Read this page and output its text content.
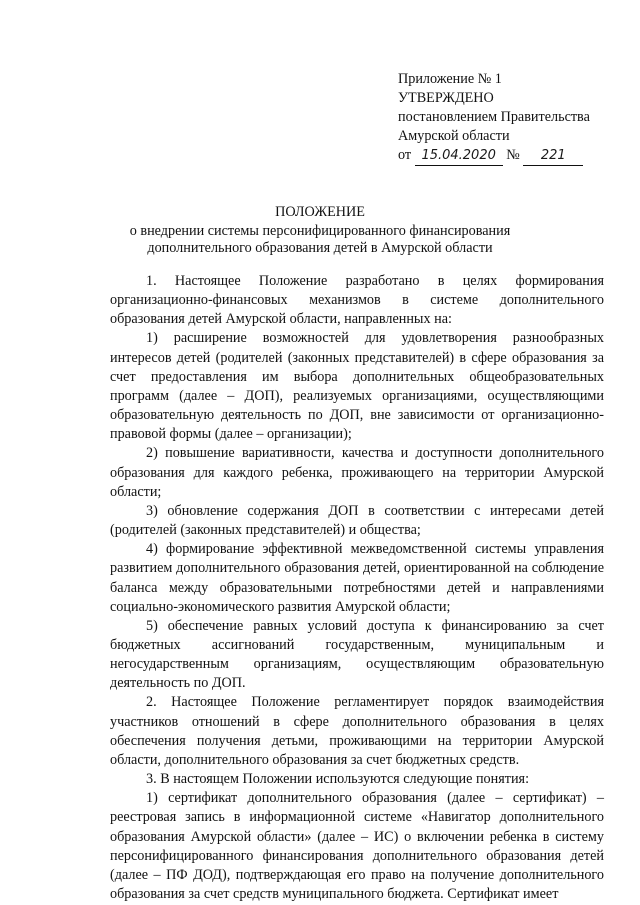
Приложение № 1
УТВЕРЖДЕНО
постановлением Правительства
Амурской области
от 15.04.2020 № 221
ПОЛОЖЕНИЕ
о внедрении системы персонифицированного финансирования
дополнительного образования детей в Амурской области
1. Настоящее Положение разработано в целях формирования организационно-финансовых механизмов в системе дополнительного образования детей Амурской области, направленных на:
1) расширение возможностей для удовлетворения разнообразных интересов детей (родителей (законных представителей) в сфере образования за счет предоставления им выбора дополнительных общеобразовательных программ (далее – ДОП), реализуемых организациями, осуществляющими образовательную деятельность по ДОП, вне зависимости от организационно-правовой формы (далее – организации);
2) повышение вариативности, качества и доступности дополнительного образования для каждого ребенка, проживающего на территории Амурской области;
3) обновление содержания ДОП в соответствии с интересами детей (родителей (законных представителей) и общества;
4) формирование эффективной межведомственной системы управления развитием дополнительного образования детей, ориентированной на соблюдение баланса между образовательными потребностями детей и направлениями социально-экономического развития Амурской области;
5) обеспечение равных условий доступа к финансированию за счет бюджетных ассигнований государственным, муниципальным и негосударственным организациям, осуществляющим образовательную деятельность по ДОП.
2. Настоящее Положение регламентирует порядок взаимодействия участников отношений в сфере дополнительного образования в целях обеспечения получения детьми, проживающими на территории Амурской области, дополнительного образования за счет бюджетных средств.
3. В настоящем Положении используются следующие понятия:
1) сертификат дополнительного образования (далее – сертификат) – реестровая запись в информационной системе «Навигатор дополнительного образования Амурской области» (далее – ИС) о включении ребенка в систему персонифицированного финансирования дополнительного образования детей (далее – ПФ ДОД), подтверждающая его право на получение дополнительного образования за счет средств муниципального бюджета. Сертификат имеет
